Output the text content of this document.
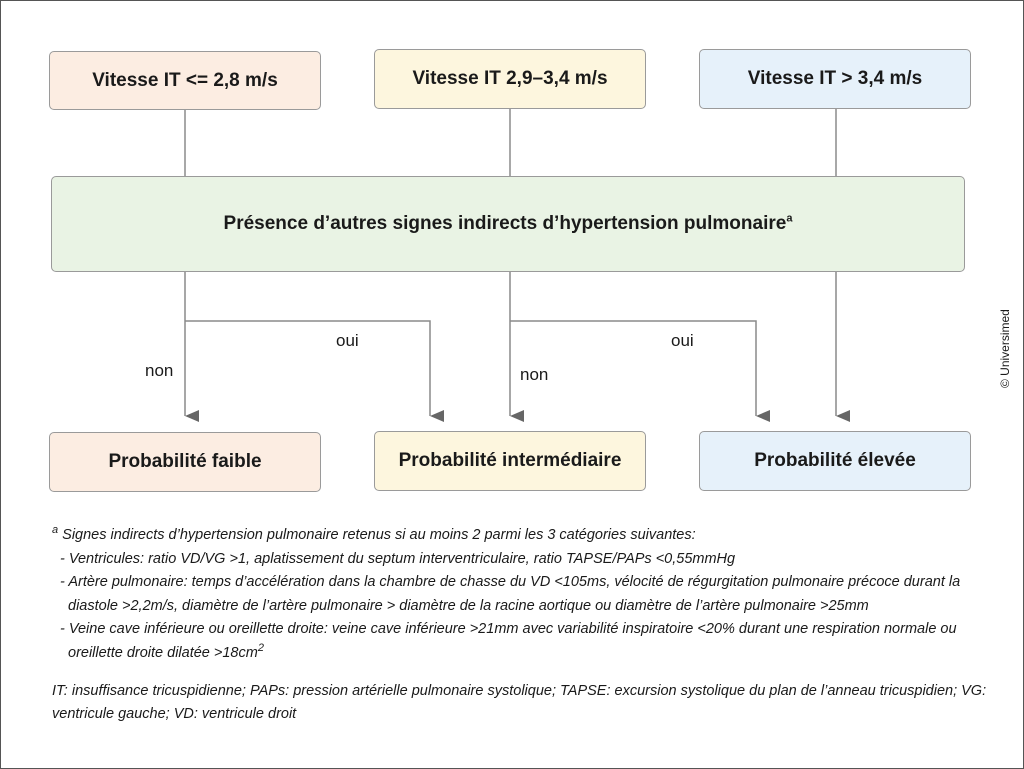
Vitesse IT <= 2,8 m/s	Vitesse IT 2,9–3,4 m/s	Vitesse IT > 3,4 m/s
Présence d’autres signes indirects d’hypertension pulmonaire$^a$
non
oui
non
oui
Probabilité faible	Probabilité intermédiaire	Probabilité élevée
© Universimed

$^a$ Signes indirects d’hypertension pulmonaire retenus si au moins 2 parmi les 3 catégories suivantes:

- Ventricules: ratio VD/VG >1, aplatissement du septum interventriculaire, ratio TAPSE/PAPs <0,55mmHg

- Artère pulmonaire: temps d’accélération dans la chambre de chasse du VD <105ms, vélocité de régurgitation pulmonaire précoce durant la diastole >2,2m/s, diamètre de l’artère pulmonaire > diamètre de la racine aortique ou diamètre de l’artère pulmonaire >25mm

- Veine cave inférieure ou oreillette droite: veine cave inférieure >21mm avec variabilité inspiratoire <20% durant une respiration normale ou oreillette droite dilatée $>18cm^2$

IT: insuffisance tricuspidienne; PAPs: pression artérielle pulmonaire systolique; TAPSE: excursion systolique du plan de l’anneau tricuspidien; VG: ventricule gauche; VD: ventricule droit
